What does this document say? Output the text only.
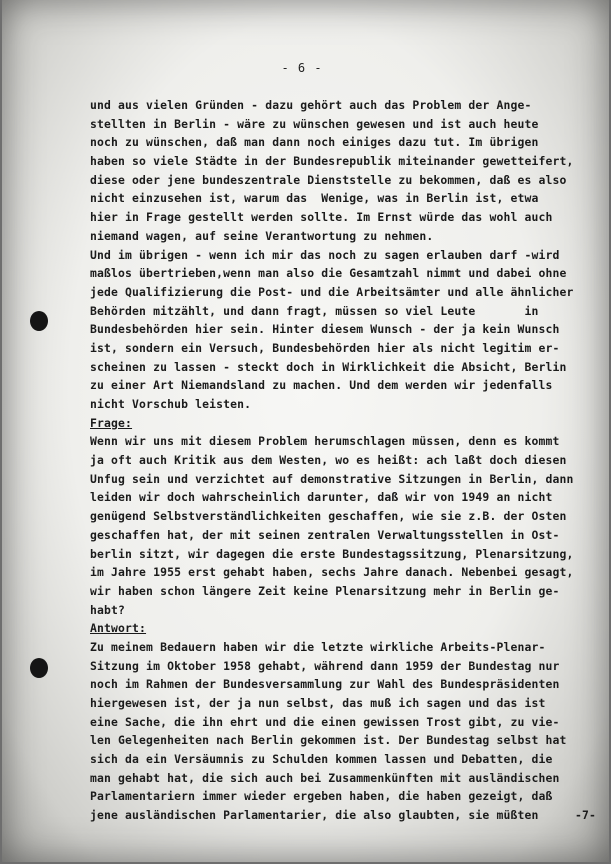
- 6 -
und aus vielen Gründen - dazu gehört auch das Problem der Ange-
stellten in Berlin - wäre zu wünschen gewesen und ist auch heute
noch zu wünschen, daß man dann noch einiges dazu tut. Im übrigen
haben so viele Städte in der Bundesrepublik miteinander gewetteifert,
diese oder jene bundeszentrale Dienststelle zu bekommen, daß es also
nicht einzusehen ist, warum das  Wenige, was in Berlin ist, etwa
hier in Frage gestellt werden sollte. Im Ernst würde das wohl auch
niemand wagen, auf seine Verantwortung zu nehmen.
Und im übrigen - wenn ich mir das noch zu sagen erlauben darf -wird
maßlos übertrieben,wenn man also die Gesamtzahl nimmt und dabei ohne
jede Qualifizierung die Post- und die Arbeitsämter und alle ähnlicher
Behörden mitzählt, und dann fragt, müssen so viel Leute       in
Bundesbehörden hier sein. Hinter diesem Wunsch - der ja kein Wunsch
ist, sondern ein Versuch, Bundesbehörden hier als nicht legitim er-
scheinen zu lassen - steckt doch in Wirklichkeit die Absicht, Berlin
zu einer Art Niemandsland zu machen. Und dem werden wir jedenfalls
nicht Vorschub leisten.
Frage:
Wenn wir uns mit diesem Problem herumschlagen müssen, denn es kommt
ja oft auch Kritik aus dem Westen, wo es heißt: ach laßt doch diesen
Unfug sein und verzichtet auf demonstrative Sitzungen in Berlin, dann
leiden wir doch wahrscheinlich darunter, daß wir von 1949 an nicht
genügend Selbstverständlichkeiten geschaffen, wie sie z.B. der Osten
geschaffen hat, der mit seinen zentralen Verwaltungsstellen in Ost-
berlin sitzt, wir dagegen die erste Bundestagssitzung, Plenarsitzung,
im Jahre 1955 erst gehabt haben, sechs Jahre danach. Nebenbei gesagt,
wir haben schon längere Zeit keine Plenarsitzung mehr in Berlin ge-
habt?
Antwort:
Zu meinem Bedauern haben wir die letzte wirkliche Arbeits-Plenar-
Sitzung im Oktober 1958 gehabt, während dann 1959 der Bundestag nur
noch im Rahmen der Bundesversammlung zur Wahl des Bundespräsidenten
hiergewesen ist, der ja nun selbst, das muß ich sagen und das ist
eine Sache, die ihn ehrt und die einen gewissen Trost gibt, zu vie-
len Gelegenheiten nach Berlin gekommen ist. Der Bundestag selbst hat
sich da ein Versäumnis zu Schulden kommen lassen und Debatten, die
man gehabt hat, die sich auch bei Zusammenkünften mit ausländischen
Parlamentariern immer wieder ergeben haben, die haben gezeigt, daß
jene ausländischen Parlamentarier, die also glaubten, sie müßten	-7-
